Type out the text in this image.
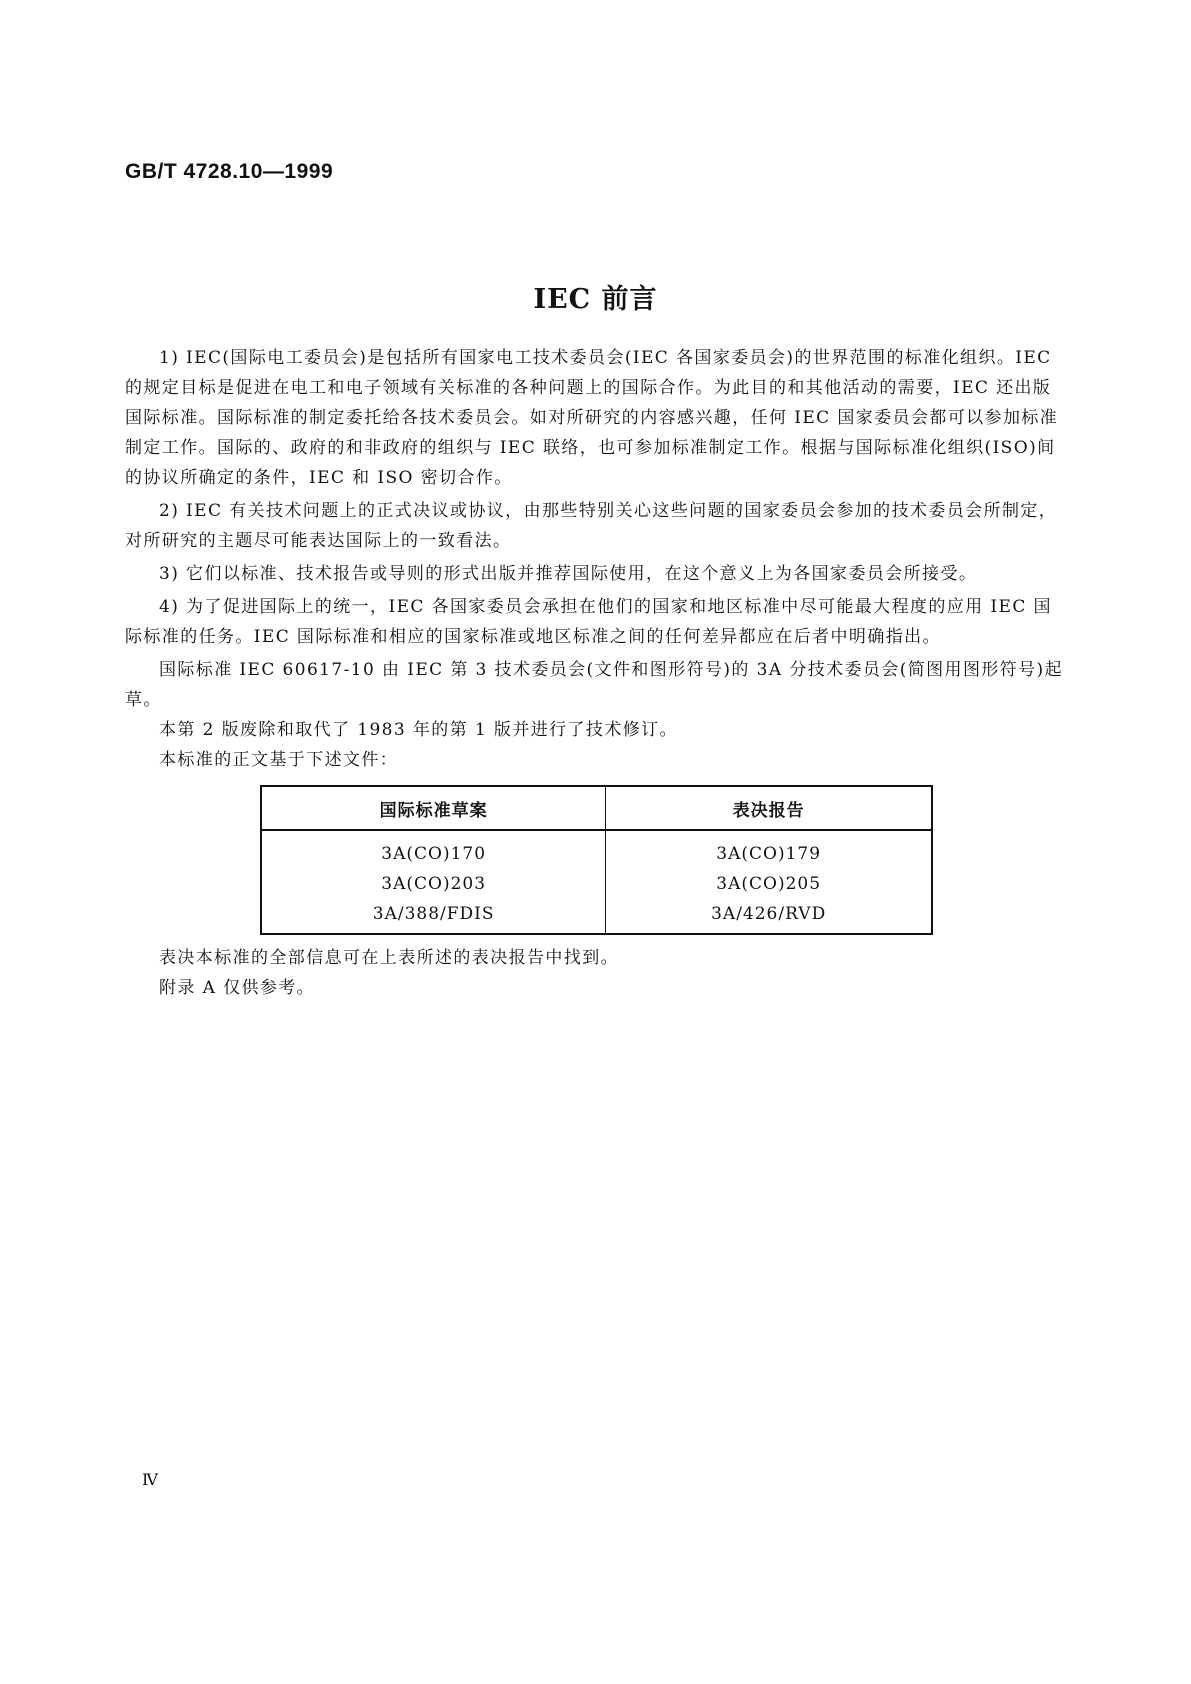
GB/T 4728.10—1999
IEC 前言

1) IEC(国际电工委员会)是包括所有国家电工技术委员会(IEC 各国家委员会)的世界范围的标准化组织。IEC 的规定目标是促进在电工和电子领域有关标准的各种问题上的国际合作。为此目的和其他活动的需要，IEC 还出版国际标准。国际标准的制定委托给各技术委员会。如对所研究的内容感兴趣，任何 IEC 国家委员会都可以参加标准制定工作。国际的、政府的和非政府的组织与 IEC 联络，也可参加标准制定工作。根据与国际标准化组织(ISO)间的协议所确定的条件，IEC 和 ISO 密切合作。

2) IEC 有关技术问题上的正式决议或协议，由那些特别关心这些问题的国家委员会参加的技术委员会所制定，对所研究的主题尽可能表达国际上的一致看法。

3) 它们以标准、技术报告或导则的形式出版并推荐国际使用，在这个意义上为各国家委员会所接受。

4) 为了促进国际上的统一，IEC 各国家委员会承担在他们的国家和地区标准中尽可能最大程度的应用 IEC 国际标准的任务。IEC 国际标准和相应的国家标准或地区标准之间的任何差异都应在后者中明确指出。

国际标准 IEC 60617-10 由 IEC 第 3 技术委员会(文件和图形符号)的 3A 分技术委员会(简图用图形符号)起草。

本第 2 版废除和取代了 1983 年的第 1 版并进行了技术修订。

本标准的正文基于下述文件：

国际标准草案	表决报告
3A(CO)170	3A(CO)179
3A(CO)203	3A(CO)205
3A/388/FDIS	3A/426/RVD

表决本标准的全部信息可在上表所述的表决报告中找到。

附录 A 仅供参考。

Ⅳ
